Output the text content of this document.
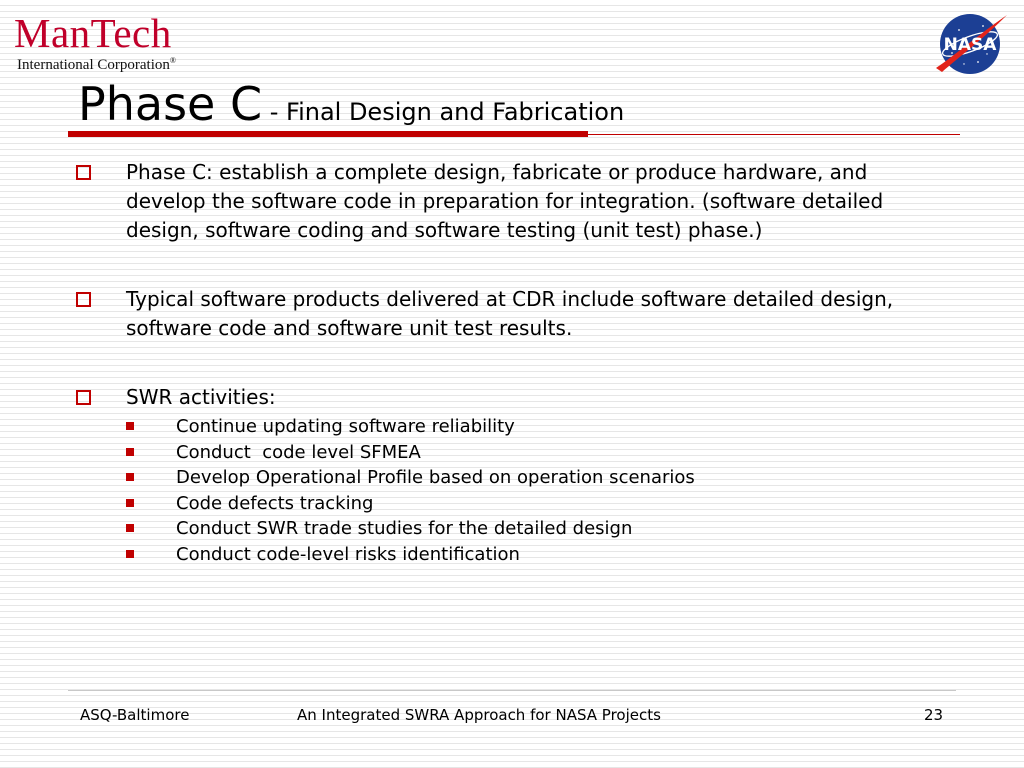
ManTech
International Corporation®
NASA
Phase C - Final Design and Fabrication
Phase C: establish a complete design, fabricate or produce hardware, and develop the software code in preparation for integration. (software detailed design, software coding and software testing (unit test) phase.)
Typical software products delivered at CDR include software detailed design, software code and software unit test results.
SWR activities:
Continue updating software reliability
Conduct  code level SFMEA
Develop Operational Profile based on operation scenarios
Code defects tracking
Conduct SWR trade studies for the detailed design
Conduct code-level risks identification
ASQ-Baltimore	An Integrated SWRA Approach for NASA Projects	23
